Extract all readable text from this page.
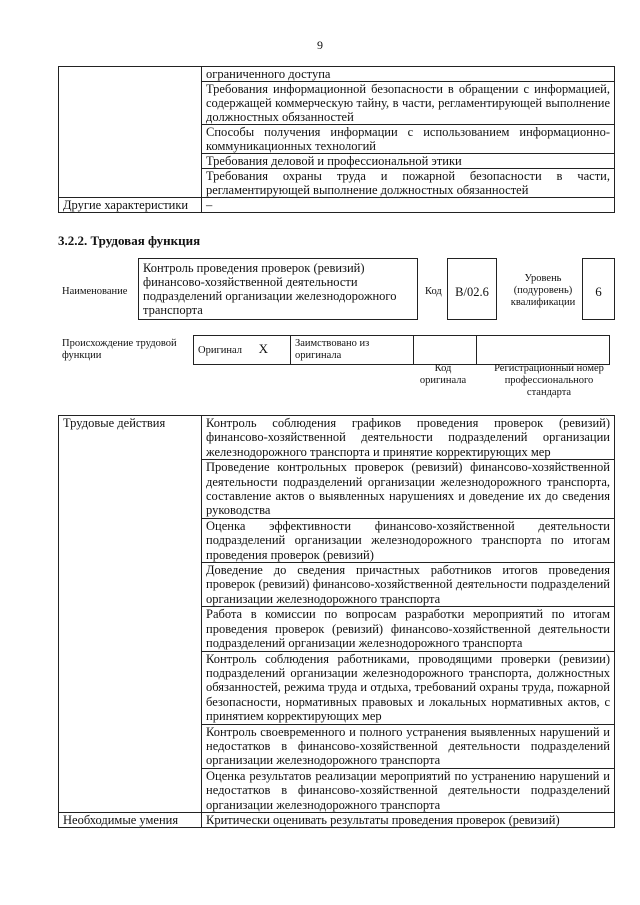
9
	ограниченного доступа
	Требования информационной безопасности в обращении с информацией, содержащей коммерческую тайну, в части, регламентирующей выполнение должностных обязанностей
	Способы получения информации с использованием информационно-коммуникационных технологий
	Требования деловой и профессиональной этики
	Требования охраны труда и пожарной безопасности в части, регламентирующей выполнение должностных обязанностей
Другие характеристики	–
3.2.2. Трудовая функция
Наименование
Контроль проведения проверок (ревизий) финансово-хозяйственной деятельности подразделений организации железнодорожного транспорта
Код	В/02.6
Уровень (подуровень) квалификации
6
Происхождение трудовой функции	Оригинал X	Заимствовано из оригинала		
Код оригинала
Регистрационный номер профессионального стандарта
Трудовые действия	Контроль соблюдения графиков проведения проверок (ревизий) финансово-хозяйственной деятельности подразделений организации железнодорожного транспорта и принятие корректирующих мер
	Проведение контрольных проверок (ревизий) финансово-хозяйственной деятельности подразделений организации железнодорожного транспорта, составление актов о выявленных нарушениях и доведение их до сведения руководства
	Оценка эффективности финансово-хозяйственной деятельности подразделений организации железнодорожного транспорта по итогам проведения проверок (ревизий)
	Доведение до сведения причастных работников итогов проведения проверок (ревизий) финансово-хозяйственной деятельности подразделений организации железнодорожного транспорта
	Работа в комиссии по вопросам разработки мероприятий по итогам проведения проверок (ревизий) финансово-хозяйственной деятельности подразделений организации железнодорожного транспорта
	Контроль соблюдения работниками, проводящими проверки (ревизии) подразделений организации железнодорожного транспорта, должностных обязанностей, режима труда и отдыха, требований охраны труда, пожарной безопасности, нормативных правовых и локальных нормативных актов, с принятием корректирующих мер
	Контроль своевременного и полного устранения выявленных нарушений и недостатков в финансово-хозяйственной деятельности подразделений организации железнодорожного транспорта
	Оценка результатов реализации мероприятий по устранению нарушений и недостатков в финансово-хозяйственной деятельности подразделений организации железнодорожного транспорта
Необходимые умения	Критически оценивать результаты проведения проверок (ревизий)
